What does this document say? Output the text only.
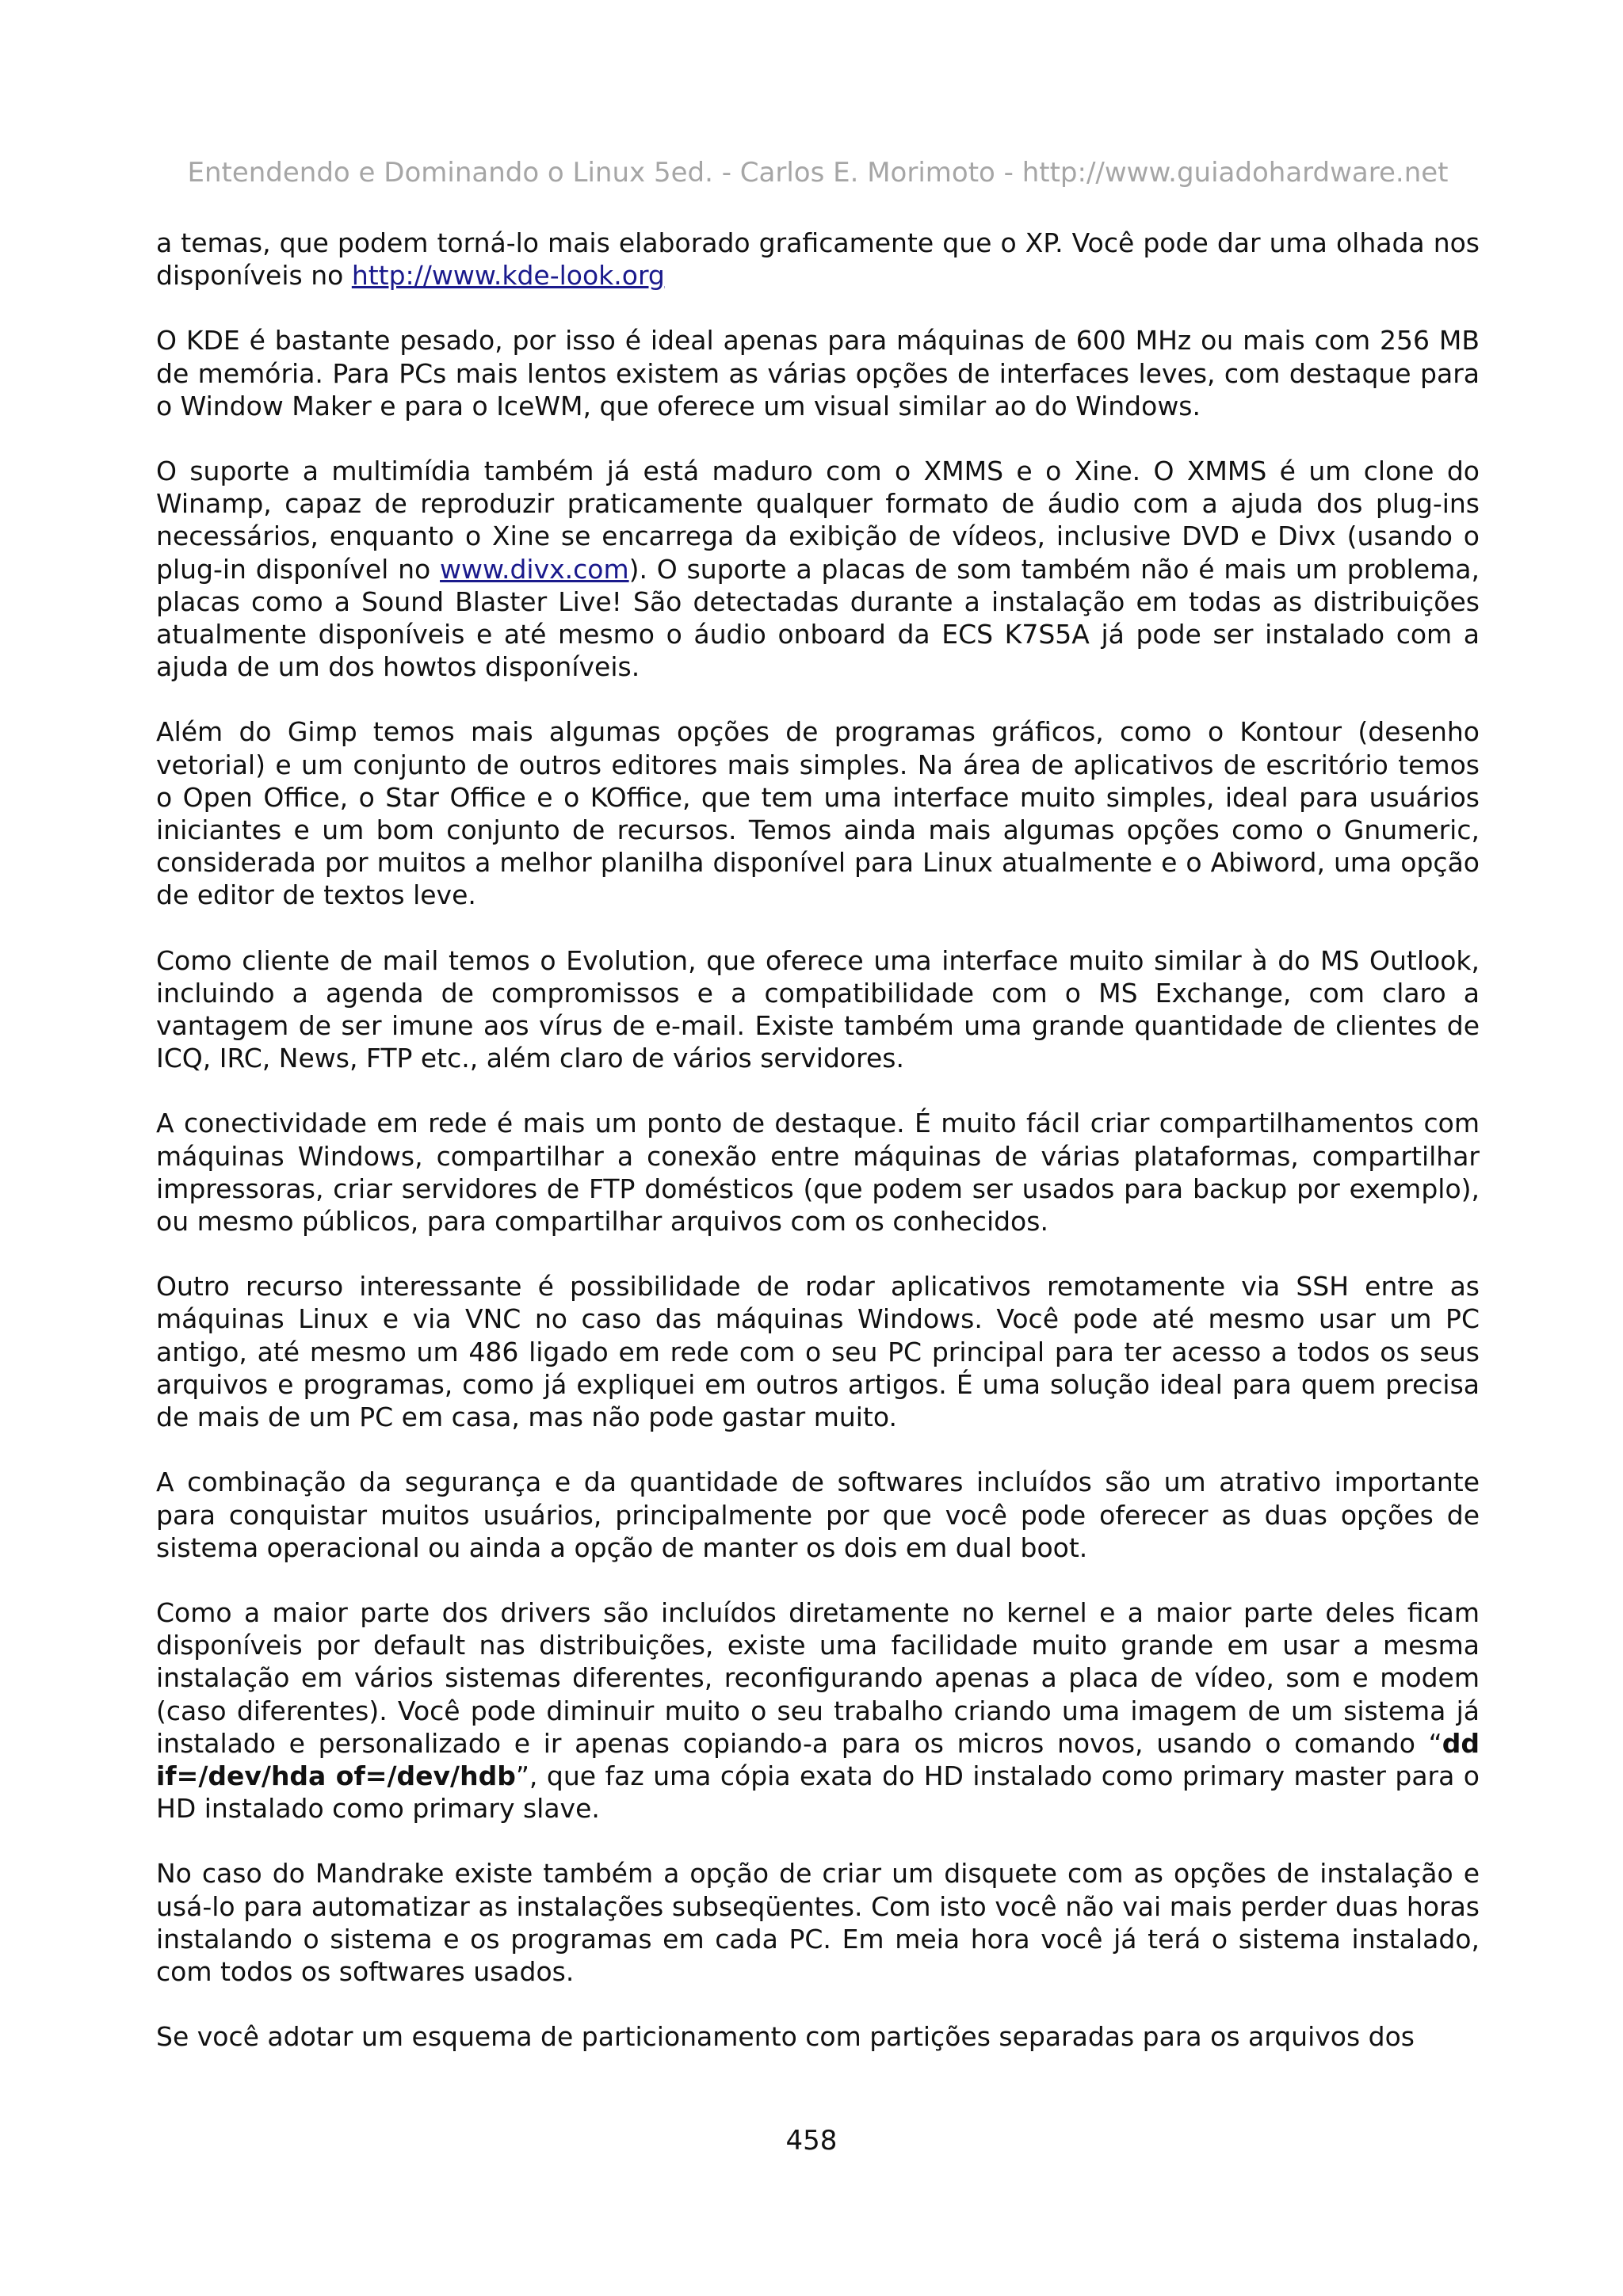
Entendendo e Dominando o Linux 5ed. - Carlos E. Morimoto - http://www.guiadohardware.net

a temas, que podem torná-lo mais elaborado graficamente que o XP. Você pode dar uma olhada nos disponíveis no http://www.kde-look.org

O KDE é bastante pesado, por isso é ideal apenas para máquinas de 600 MHz ou mais com 256 MB de memória. Para PCs mais lentos existem as várias opções de interfaces leves, com destaque para o Window Maker e para o IceWM, que oferece um visual similar ao do Windows.

O suporte a multimídia também já está maduro com o XMMS e o Xine. O XMMS é um clone do Winamp, capaz de reproduzir praticamente qualquer formato de áudio com a ajuda dos plug-ins necessários, enquanto o Xine se encarrega da exibição de vídeos, inclusive DVD e Divx (usando o plug-in disponível no www.divx.com). O suporte a placas de som também não é mais um problema, placas como a Sound Blaster Live! São detectadas durante a instalação em todas as distribuições atualmente disponíveis e até mesmo o áudio onboard da ECS K7S5A já pode ser instalado com a ajuda de um dos howtos disponíveis.

Além do Gimp temos mais algumas opções de programas gráficos, como o Kontour (desenho vetorial) e um conjunto de outros editores mais simples. Na área de aplicativos de escritório temos o Open Office, o Star Office e o KOffice, que tem uma interface muito simples, ideal para usuários iniciantes e um bom conjunto de recursos. Temos ainda mais algumas opções como o Gnumeric, considerada por muitos a melhor planilha disponível para Linux atualmente e o Abiword, uma opção de editor de textos leve.

Como cliente de mail temos o Evolution, que oferece uma interface muito similar à do MS Outlook, incluindo a agenda de compromissos e a compatibilidade com o MS Exchange, com claro a vantagem de ser imune aos vírus de e-mail. Existe também uma grande quantidade de clientes de ICQ, IRC, News, FTP etc., além claro de vários servidores.

A conectividade em rede é mais um ponto de destaque. É muito fácil criar compartilhamentos com máquinas Windows, compartilhar a conexão entre máquinas de várias plataformas, compartilhar impressoras, criar servidores de FTP domésticos (que podem ser usados para backup por exemplo), ou mesmo públicos, para compartilhar arquivos com os conhecidos.

Outro recurso interessante é possibilidade de rodar aplicativos remotamente via SSH entre as máquinas Linux e via VNC no caso das máquinas Windows. Você pode até mesmo usar um PC antigo, até mesmo um 486 ligado em rede com o seu PC principal para ter acesso a todos os seus arquivos e programas, como já expliquei em outros artigos. É uma solução ideal para quem precisa de mais de um PC em casa, mas não pode gastar muito.

A combinação da segurança e da quantidade de softwares incluídos são um atrativo importante para conquistar muitos usuários, principalmente por que você pode oferecer as duas opções de sistema operacional ou ainda a opção de manter os dois em dual boot.

Como a maior parte dos drivers são incluídos diretamente no kernel e a maior parte deles ficam disponíveis por default nas distribuições, existe uma facilidade muito grande em usar a mesma instalação em vários sistemas diferentes, reconfigurando apenas a placa de vídeo, som e modem (caso diferentes). Você pode diminuir muito o seu trabalho criando uma imagem de um sistema já instalado e personalizado e ir apenas copiando-a para os micros novos, usando o comando “dd if=/dev/hda of=/dev/hdb”, que faz uma cópia exata do HD instalado como primary master para o HD instalado como primary slave.

No caso do Mandrake existe também a opção de criar um disquete com as opções de instalação e usá-lo para automatizar as instalações subseqüentes. Com isto você não vai mais perder duas horas instalando o sistema e os programas em cada PC. Em meia hora você já terá o sistema instalado, com todos os softwares usados.

Se você adotar um esquema de particionamento com partições separadas para os arquivos dos

458
